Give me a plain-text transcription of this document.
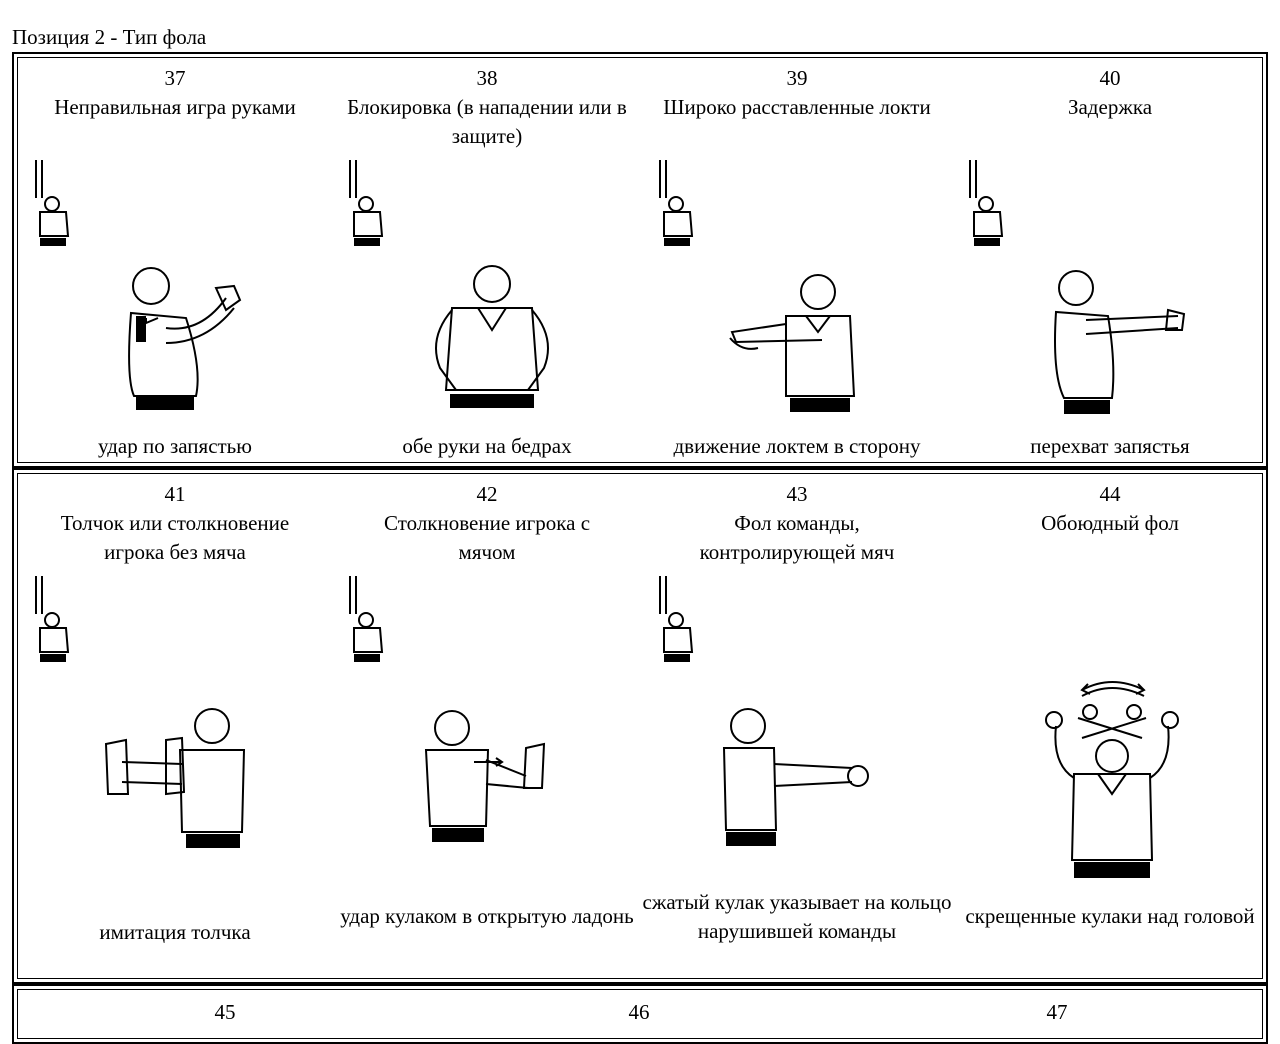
Позиция 2 - Тип фола
37
Неправильная игра руками
удар по запястью
38
Блокировка (в нападении или в защите)
обе руки на бедрах
39
Широко расставленные локти
движение локтем в сторону
40
Задержка
перехват запястья
41
Толчок или столкновение игрока без мяча
имитация толчка
42
Столкновение игрока с мячом
удар кулаком в открытую ладонь
43
Фол команды, контролирующей мяч
сжатый кулак указывает на кольцо нарушившей команды
44
Обоюдный фол
скрещенные кулаки над головой
45	46	47
